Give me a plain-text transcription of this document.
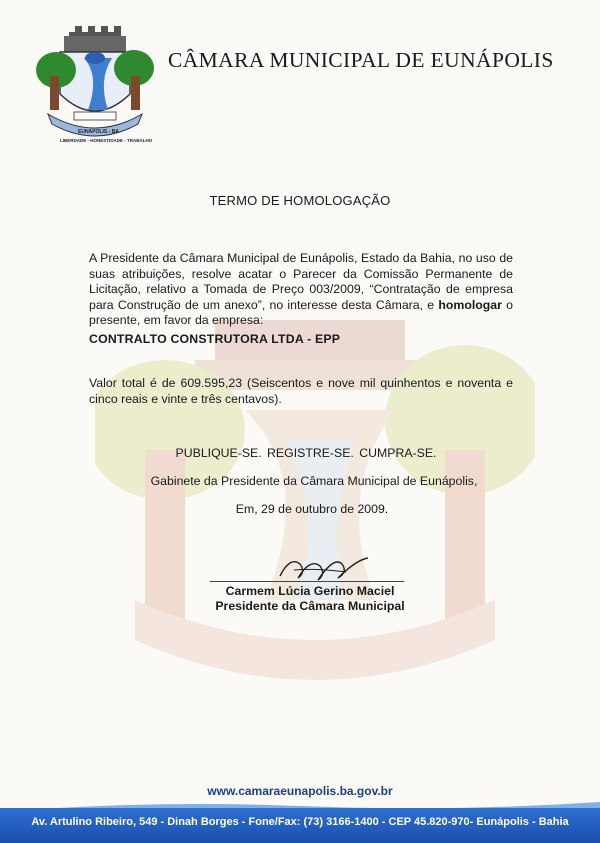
EUNÁPOLIS - BA
LIBERDADE - HONESTIDADE - TRABALHO
CÂMARA MUNICIPAL DE EUNÁPOLIS
TERMO DE HOMOLOGAÇÃO
A Presidente da Câmara Municipal de Eunápolis, Estado da Bahia, no uso de suas atribuições, resolve acatar o Parecer da Comissão Permanente de Licitação, relativo a Tomada de Preço 003/2009, “Contratação de empresa para Construção de um anexo”, no interesse desta Câmara, e homologar o presente, em favor da empresa:
CONTRALTO CONSTRUTORA LTDA - EPP
Valor total é de 609.595,23 (Seiscentos e nove mil quinhentos e noventa e cinco reais e vinte e três centavos).
PUBLIQUE-SE. REGISTRE-SE. CUMPRA-SE.
Gabinete da Presidente da Câmara Municipal de Eunápolis,
Em, 29 de outubro de 2009.
Carmem Lúcia Gerino Maciel
Presidente da Câmara Municipal
www.camaraeunapolis.ba.gov.br
Av. Artulino Ribeiro, 549 - Dinah Borges - Fone/Fax: (73) 3166-1400 - CEP 45.820-970- Eunápolis - Bahia
